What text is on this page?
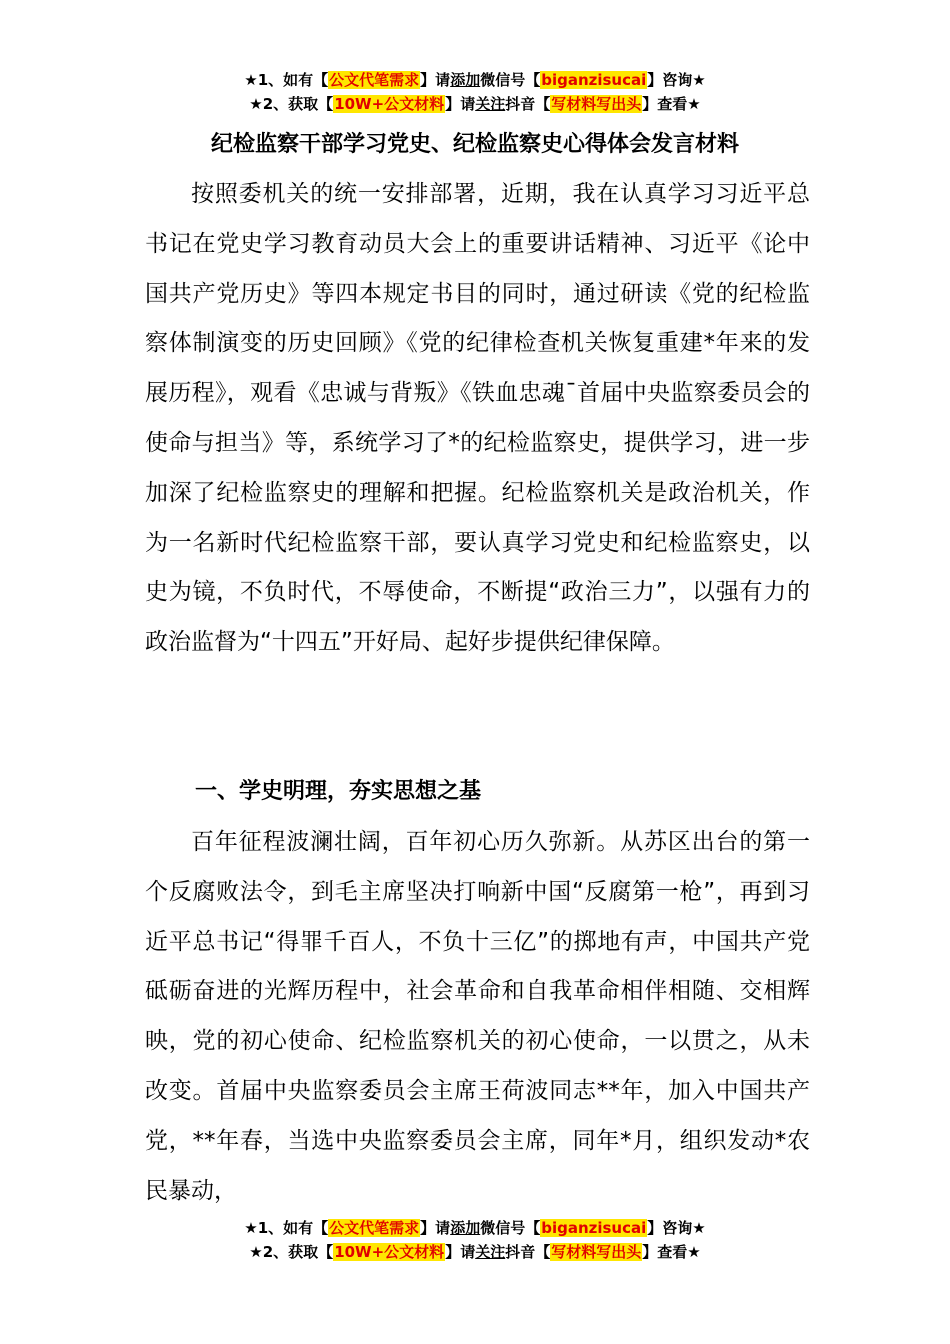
★1、如有【公文代笔需求】请添加微信号【biganzisucai】咨询★
★2、获取【10W+公文材料】请关注抖音【写材料写出头】查看★
纪检监察干部学习党史、纪检监察史心得体会发言材料

按照委机关的统一安排部署，近期，我在认真学习习近平总书记在党史学习教育动员大会上的重要讲话精神、习近平《论中国共产党历史》等四本规定书目的同时，通过研读《党的纪检监察体制演变的历史回顾》《党的纪律检查机关恢复重建*年来的发展历程》，观看《忠诚与背叛》《铁血忠魂¯首届中央监察委员会的使命与担当》等，系统学习了*的纪检监察史，提供学习，进一步加深了纪检监察史的理解和把握。纪检监察机关是政治机关，作为一名新时代纪检监察干部，要认真学习党史和纪检监察史，以史为镜，不负时代，不辱使命，不断提“政治三力”，以强有力的政治监督为“十四五”开好局、起好步提供纪律保障。

一、学史明理，夯实思想之基

百年征程波澜壮阔，百年初心历久弥新。从苏区出台的第一个反腐败法令，到毛主席坚决打响新中国“反腐第一枪”，再到习近平总书记“得罪千百人，不负十三亿”的掷地有声，中国共产党砥砺奋进的光辉历程中，社会革命和自我革命相伴相随、交相辉映，党的初心使命、纪检监察机关的初心使命，一以贯之，从未改变。首届中央监察委员会主席王荷波同志**年，加入中国共产党，**年春，当选中央监察委员会主席，同年*月，组织发动*农民暴动，

★1、如有【公文代笔需求】请添加微信号【biganzisucai】咨询★
★2、获取【10W+公文材料】请关注抖音【写材料写出头】查看★
